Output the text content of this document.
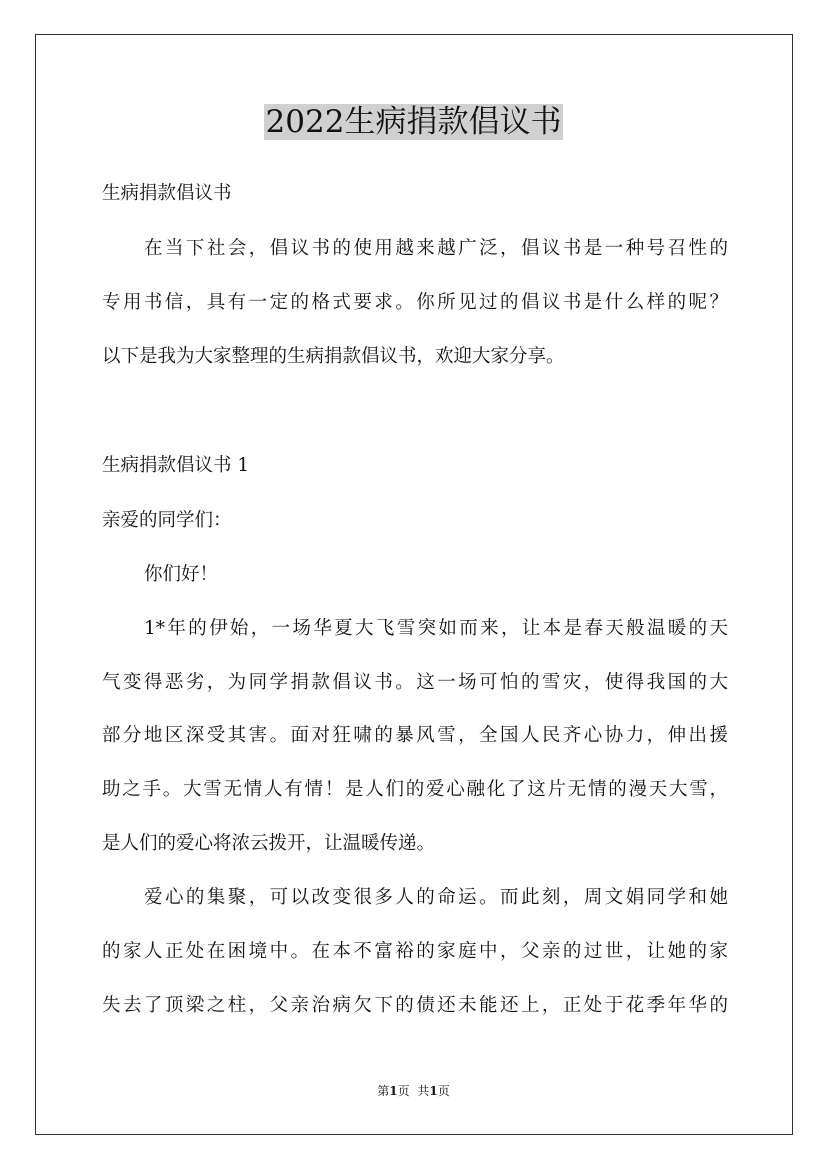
2022生病捐款倡议书
生病捐款倡议书
在当下社会，倡议书的使用越来越广泛，倡议书是一种号召性的
专用书信，具有一定的格式要求。你所见过的倡议书是什么样的呢？
以下是我为大家整理的生病捐款倡议书，欢迎大家分享。
生病捐款倡议书 1
亲爱的同学们：
你们好！
1*年的伊始，一场华夏大飞雪突如而来，让本是春天般温暖的天
气变得恶劣，为同学捐款倡议书。这一场可怕的雪灾，使得我国的大
部分地区深受其害。面对狂啸的暴风雪，全国人民齐心协力，伸出援
助之手。大雪无情人有情！是人们的爱心融化了这片无情的漫天大雪，
是人们的爱心将浓云拨开，让温暖传递。
爱心的集聚，可以改变很多人的命运。而此刻，周文娟同学和她
的家人正处在困境中。在本不富裕的家庭中，父亲的过世，让她的家
失去了顶梁之柱，父亲治病欠下的债还未能还上，正处于花季年华的
第1页 共1页
